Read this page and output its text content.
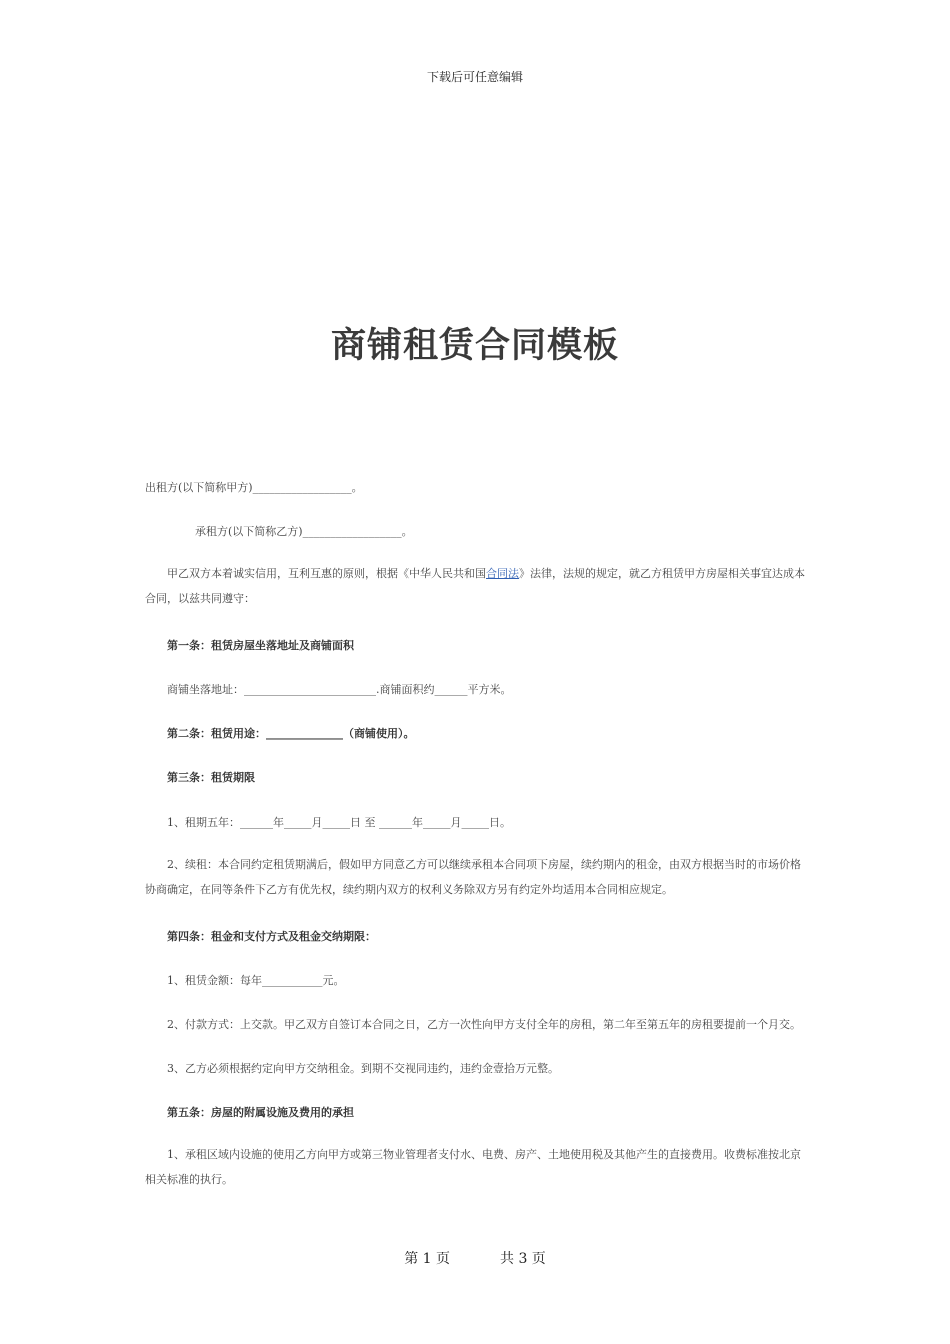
下载后可任意编辑
商铺租赁合同模板
出租方(以下简称甲方)__________________。
承租方(以下简称乙方)__________________。
甲乙双方本着诚实信用，互利互惠的原则，根据《中华人民共和国合同法》法律，法规的规定，就乙方租赁甲方房屋相关事宜达成本合同，以兹共同遵守：
第一条：租赁房屋坐落地址及商铺面积
商铺坐落地址：________________________.商铺面积约______平方米。
第二条：租赁用途：______________（商铺使用）。
第三条：租赁期限
1、租期五年：______年_____月_____日 至 ______年_____月_____日。
2、续租：本合同约定租赁期满后，假如甲方同意乙方可以继续承租本合同项下房屋，续约期内的租金，由双方根据当时的市场价格协商确定，在同等条件下乙方有优先权，续约期内双方的权利义务除双方另有约定外均适用本合同相应规定。
第四条：租金和支付方式及租金交纳期限：
1、租赁金额：每年___________元。
2、付款方式：上交款。甲乙双方自签订本合同之日，乙方一次性向甲方支付全年的房租，第二年至第五年的房租要提前一个月交。
3、乙方必须根据约定向甲方交纳租金。到期不交视同违约，违约金壹拾万元整。
第五条：房屋的附属设施及费用的承担
1、承租区域内设施的使用乙方向甲方或第三物业管理者支付水、电费、房产、土地使用税及其他产生的直接费用。收费标准按北京相关标准的执行。
第 1 页	共 3 页
